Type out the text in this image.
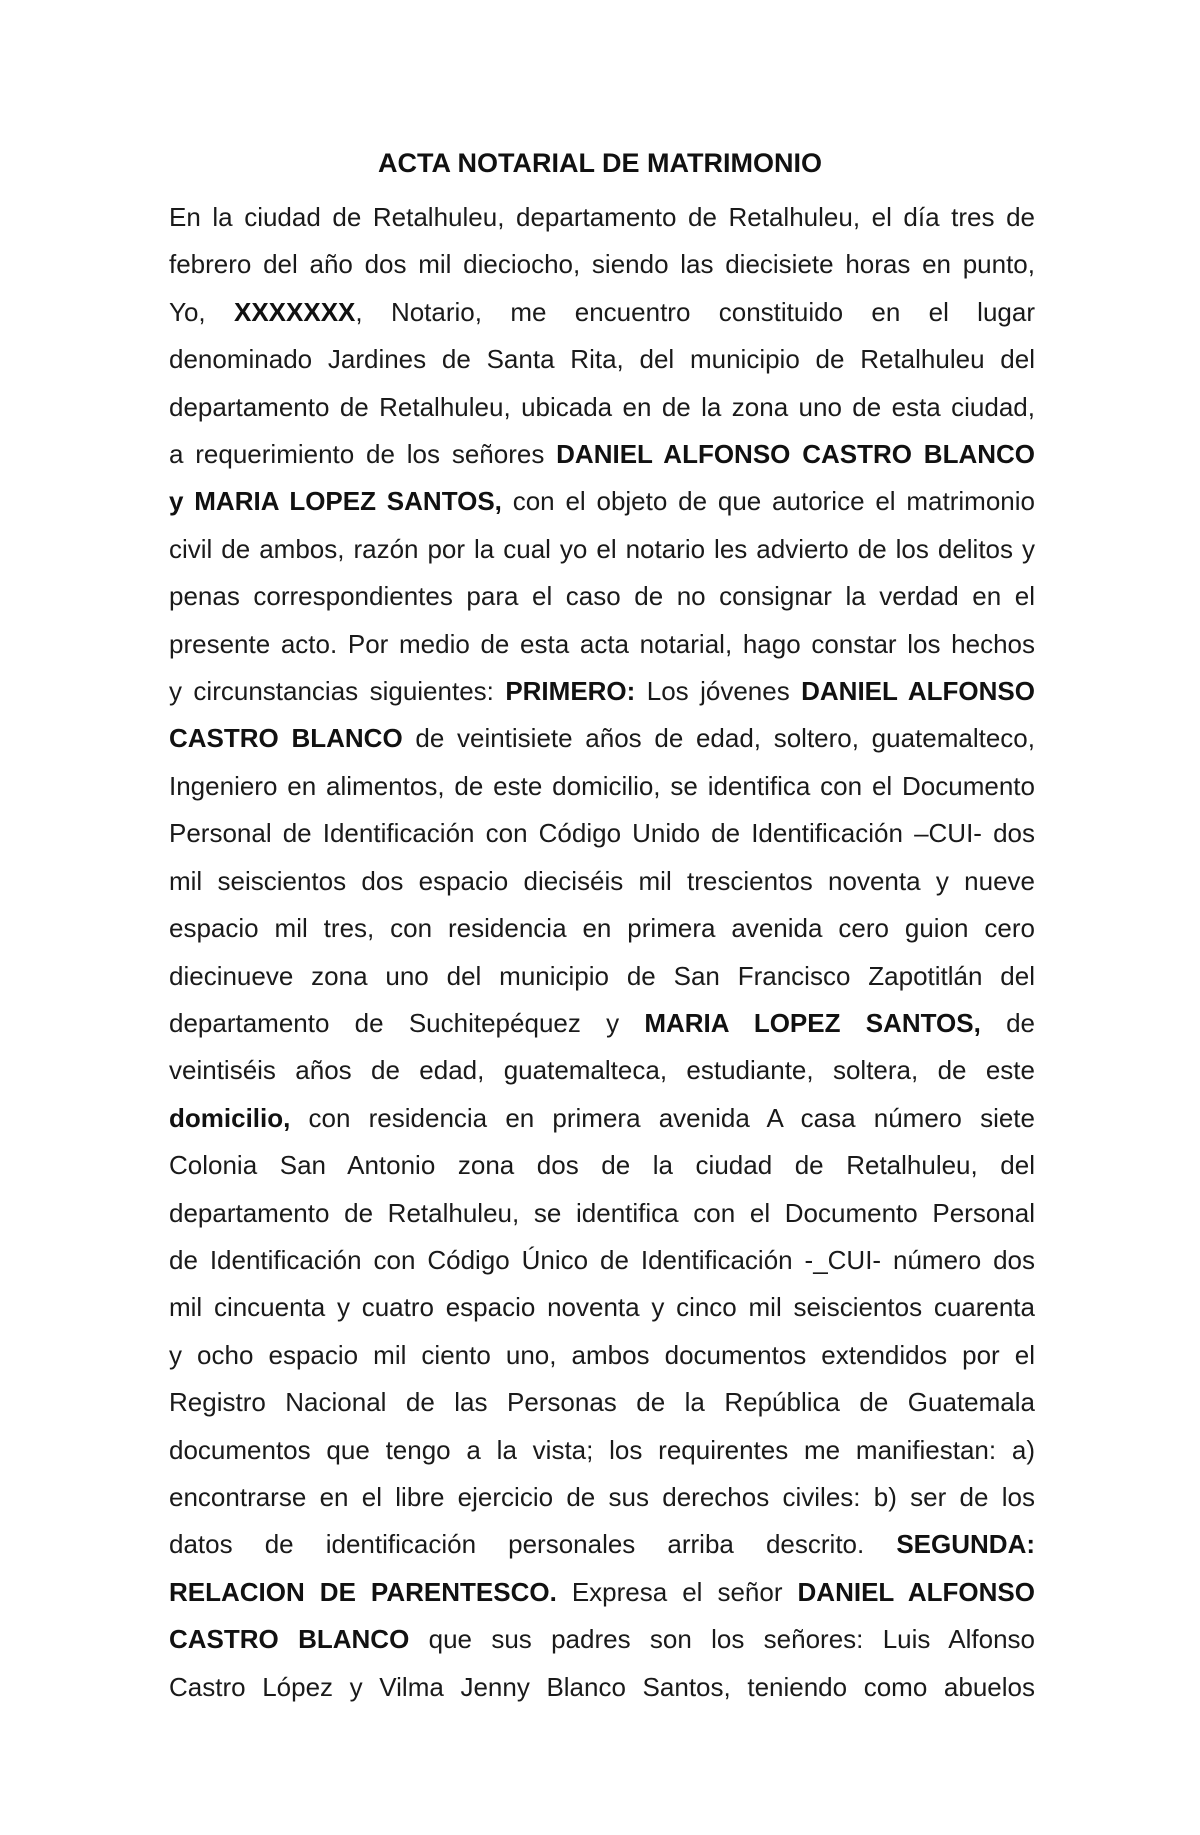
ACTA NOTARIAL DE MATRIMONIO
En la ciudad de Retalhuleu, departamento de Retalhuleu, el día tres de
febrero del año dos mil dieciocho, siendo las diecisiete horas en punto,
Yo, XXXXXXX, Notario, me encuentro constituido en el lugar
denominado Jardines de Santa Rita, del municipio de Retalhuleu del
departamento de Retalhuleu, ubicada en de la zona uno de esta ciudad,
a requerimiento de los señores DANIEL ALFONSO CASTRO BLANCO
y MARIA LOPEZ SANTOS, con el objeto de que autorice el matrimonio
civil de ambos, razón por la cual yo el notario les advierto de los delitos y
penas correspondientes para el caso de no consignar la verdad en el
presente acto. Por medio de esta acta notarial, hago constar los hechos
y circunstancias siguientes: PRIMERO: Los jóvenes DANIEL ALFONSO
CASTRO BLANCO de veintisiete años de edad, soltero, guatemalteco,
Ingeniero en alimentos, de este domicilio, se identifica con el Documento
Personal de Identificación con Código Unido de Identificación –CUI- dos
mil seiscientos dos espacio dieciséis mil trescientos noventa y nueve
espacio mil tres, con residencia en primera avenida cero guion cero
diecinueve zona uno del municipio de San Francisco Zapotitlán del
departamento de Suchitepéquez y MARIA LOPEZ SANTOS, de
veintiséis años de edad, guatemalteca, estudiante, soltera, de este
domicilio, con residencia en primera avenida A casa número siete
Colonia San Antonio zona dos de la ciudad de Retalhuleu, del
departamento de Retalhuleu, se identifica con el Documento Personal
de Identificación con Código Único de Identificación -_CUI- número dos
mil cincuenta y cuatro espacio noventa y cinco mil seiscientos cuarenta
y ocho espacio mil ciento uno, ambos documentos extendidos por el
Registro Nacional de las Personas de la República de Guatemala
documentos que tengo a la vista; los requirentes me manifiestan: a)
encontrarse en el libre ejercicio de sus derechos civiles: b) ser de los
datos de identificación personales arriba descrito. SEGUNDA:
RELACION DE PARENTESCO. Expresa el señor DANIEL ALFONSO
CASTRO BLANCO que sus padres son los señores: Luis Alfonso
Castro López y Vilma Jenny Blanco Santos, teniendo como abuelos
